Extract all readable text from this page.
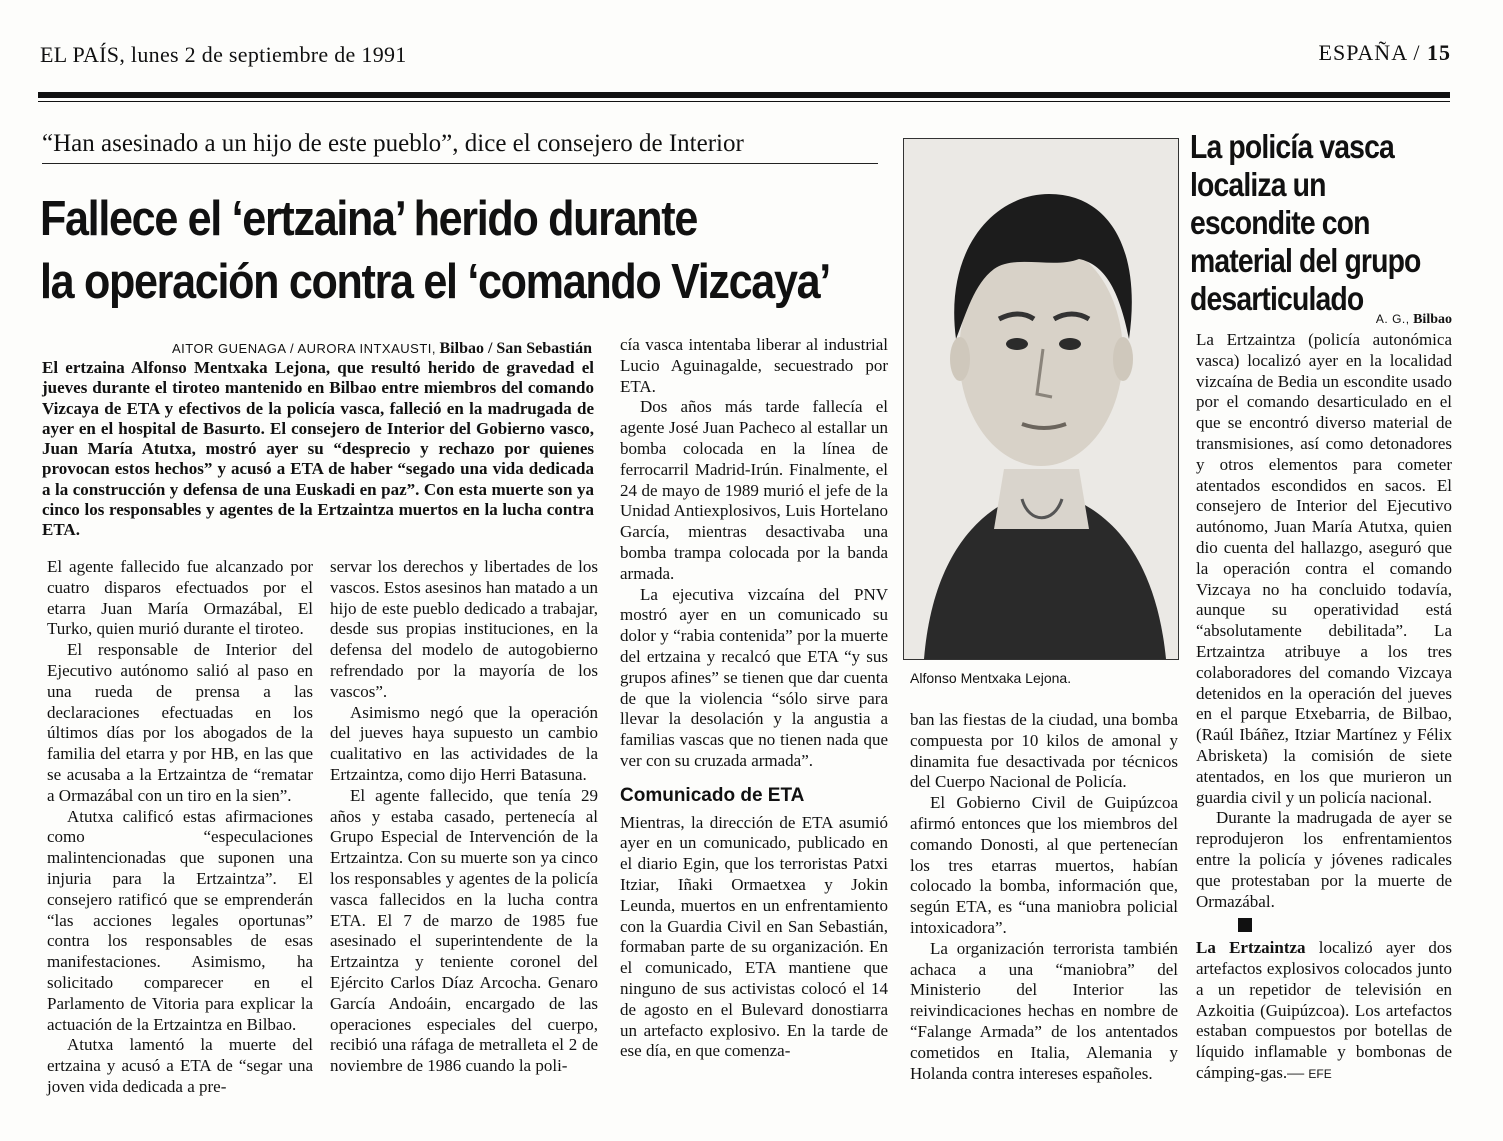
EL PAÍS, lunes 2 de septiembre de 1991	ESPAÑA / 15
“Han asesinado a un hijo de este pueblo”, dice el consejero de Interior
Fallece el ‘ertzaina’ herido durante
la operación contra el ‘comando Vizcaya’
AITOR GUENAGA / AURORA INTXAUSTI, Bilbao / San Sebastián
El ertzaina Alfonso Mentxaka Lejona, que resultó herido de gravedad el jueves durante el tiroteo mantenido en Bilbao entre miembros del comando Vizcaya de ETA y efectivos de la policía vasca, falleció en la madrugada de ayer en el hospital de Basurto. El consejero de Interior del Gobierno vasco, Juan María Atutxa, mostró ayer su “desprecio y rechazo por quienes provocan estos hechos” y acusó a ETA de haber “segado una vida dedicada a la construcción y defensa de una Euskadi en paz”. Con esta muerte son ya cinco los responsables y agentes de la Ertzaintza muertos en la lucha contra ETA.

El agente fallecido fue alcanzado por cuatro disparos efectuados por el etarra Juan María Ormazábal, El Turko, quien murió durante el tiroteo.

El responsable de Interior del Ejecutivo autónomo salió al paso en una rueda de prensa a las declaraciones efectuadas en los últimos días por los abogados de la familia del etarra y por HB, en las que se acusaba a la Ertzaintza de “rematar a Ormazábal con un tiro en la sien”.

Atutxa calificó estas afirmaciones como “especulaciones malintencionadas que suponen una injuria para la Ertzaintza”. El consejero ratificó que se emprenderán “las acciones legales oportunas” contra los responsables de esas manifestaciones. Asimismo, ha solicitado comparecer en el Parlamento de Vitoria para explicar la actuación de la Ertzaintza en Bilbao.

Atutxa lamentó la muerte del ertzaina y acusó a ETA de “segar una joven vida dedicada a pre-

servar los derechos y libertades de los vascos. Estos asesinos han matado a un hijo de este pueblo dedicado a trabajar, desde sus propias instituciones, en la defensa del modelo de autogobierno refrendado por la mayoría de los vascos”.

Asimismo negó que la operación del jueves haya supuesto un cambio cualitativo en las actividades de la Ertzaintza, como dijo Herri Batasuna.

El agente fallecido, que tenía 29 años y estaba casado, pertenecía al Grupo Especial de Intervención de la Ertzaintza. Con su muerte son ya cinco los responsables y agentes de la policía vasca fallecidos en la lucha contra ETA. El 7 de marzo de 1985 fue asesinado el superintendente de la Ertzaintza y teniente coronel del Ejército Carlos Díaz Arcocha. Genaro García Andoáin, encargado de las operaciones especiales del cuerpo, recibió una ráfaga de metralleta el 2 de noviembre de 1986 cuando la poli-

cía vasca intentaba liberar al industrial Lucio Aguinagalde, secuestrado por ETA.

Dos años más tarde fallecía el agente José Juan Pacheco al estallar un bomba colocada en la línea de ferrocarril Madrid-Irún. Finalmente, el 24 de mayo de 1989 murió el jefe de la Unidad Antiexplosivos, Luis Hortelano García, mientras desactivaba una bomba trampa colocada por la banda armada.

La ejecutiva vizcaína del PNV mostró ayer en un comunicado su dolor y “rabia contenida” por la muerte del ertzaina y recalcó que ETA “y sus grupos afines” se tienen que dar cuenta de que la violencia “sólo sirve para llevar la desolación y la angustia a familias vascas que no tienen nada que ver con su cruzada armada”.

Comunicado de ETA

Mientras, la dirección de ETA asumió ayer en un comunicado, publicado en el diario Egin, que los terroristas Patxi Itziar, Iñaki Ormaetxea y Jokin Leunda, muertos en un enfrentamiento con la Guardia Civil en San Sebastián, formaban parte de su organización. En el comunicado, ETA mantiene que ninguno de sus activistas colocó el 14 de agosto en el Bulevard donostiarra un artefacto explosivo. En la tarde de ese día, en que comenza-

Alfonso Mentxaka Lejona.

ban las fiestas de la ciudad, una bomba compuesta por 10 kilos de amonal y dinamita fue desactivada por técnicos del Cuerpo Nacional de Policía.

El Gobierno Civil de Guipúzcoa afirmó entonces que los miembros del comando Donosti, al que pertenecían los tres etarras muertos, habían colocado la bomba, información que, según ETA, es “una maniobra policial intoxicadora”.

La organización terrorista también achaca a una “maniobra” del Ministerio del Interior las reivindicaciones hechas en nombre de “Falange Armada” de los antentados cometidos en Italia, Alemania y Holanda contra intereses españoles.

La policía vasca localiza un escondite con material del grupo desarticulado
A. G., Bilbao

La Ertzaintza (policía autonómica vasca) localizó ayer en la localidad vizcaína de Bedia un escondite usado por el comando desarticulado en el que se encontró diverso material de transmisiones, así como detonadores y otros elementos para cometer atentados escondidos en sacos. El consejero de Interior del Ejecutivo autónomo, Juan María Atutxa, quien dio cuenta del hallazgo, aseguró que la operación contra el comando Vizcaya no ha concluido todavía, aunque su operatividad está “absolutamente debilitada”. La Ertzaintza atribuye a los tres colaboradores del comando Vizcaya detenidos en la operación del jueves en el parque Etxebarria, de Bilbao, (Raúl Ibáñez, Itziar Martínez y Félix Abrisketa) la comisión de siete atentados, en los que murieron un guardia civil y un policía nacional.

Durante la madrugada de ayer se reprodujeron los enfrentamientos entre la policía y jóvenes radicales que protestaban por la muerte de Ormazábal.

La Ertzaintza localizó ayer dos artefactos explosivos colocados junto a un repetidor de televisión en Azkoitia (Guipúzcoa). Los artefactos estaban compuestos por botellas de líquido inflamable y bombonas de cámping-gas.— EFE
